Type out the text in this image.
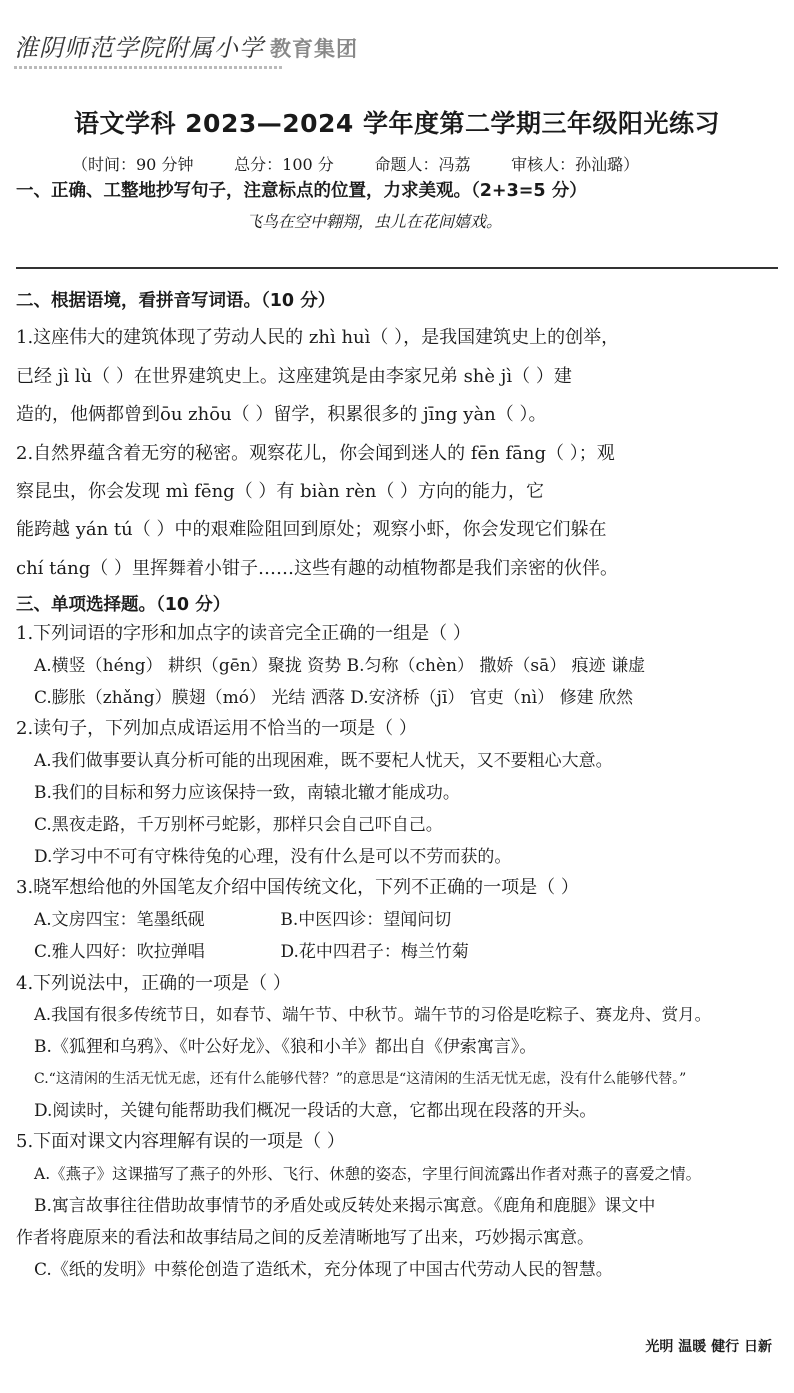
淮阴师范学院附属小学 教育集团
语文学科 2023—2024 学年度第二学期三年级阳光练习
（时间：90 分钟        总分：100 分        命题人：冯荔        审核人：孙汕璐）
一、正确、工整地抄写句子，注意标点的位置，力求美观。（2+3=5 分）
飞鸟在空中翱翔，虫儿在花间嬉戏。
二、根据语境，看拼音写词语。（10 分）
1.这座伟大的建筑体现了劳动人民的 zhì huì（ ），是我国建筑史上的创举，
已经 jì lù（ ）在世界建筑史上。这座建筑是由李家兄弟 shè jì（ ）建
造的，他俩都曾到ōu zhōu（ ）留学，积累很多的 jīng yàn（ ）。
2.自然界蕴含着无穷的秘密。观察花儿，你会闻到迷人的 fēn fāng（ ）；观
察昆虫，你会发现 mì fēng（ ）有 biàn rèn（ ）方向的能力，它
能跨越 yán tú（ ）中的艰难险阻回到原处；观察小虾，你会发现它们躲在
chí táng（ ）里挥舞着小钳子……这些有趣的动植物都是我们亲密的伙伴。
三、单项选择题。（10 分）
1.下列词语的字形和加点字的读音完全正确的一组是（ ）
A.横竖（héng） 耕织（gēn）聚拢 资势 B.匀称（chèn） 撒娇（sā） 痕迹 谦虚
C.膨胀（zhǎng）膜翅（mó） 光结 洒落 D.安济桥（jī） 官吏（nì） 修建 欣然
2.读句子，下列加点成语运用不恰当的一项是（ ）
A.我们做事要认真分析可能的出现困难，既不要杞人忧天，又不要粗心大意。
B.我们的目标和努力应该保持一致，南辕北辙才能成功。
C.黑夜走路，千万别杯弓蛇影，那样只会自己吓自己。
D.学习中不可有守株待兔的心理，没有什么是可以不劳而获的。
3.晓军想给他的外国笔友介绍中国传统文化，下列不正确的一项是（ ）
A.文房四宝：笔墨纸砚              B.中医四诊：望闻问切
C.雅人四好：吹拉弹唱              D.花中四君子：梅兰竹菊
4.下列说法中，正确的一项是（ ）
A.我国有很多传统节日，如春节、端午节、中秋节。端午节的习俗是吃粽子、赛龙舟、赏月。
B.《狐狸和乌鸦》、《叶公好龙》、《狼和小羊》都出自《伊索寓言》。
C.“这清闲的生活无忧无虑，还有什么能够代替？”的意思是“这清闲的生活无忧无虑，没有什么能够代替。”
D.阅读时，关键句能帮助我们概况一段话的大意，它都出现在段落的开头。
5.下面对课文内容理解有误的一项是（ ）
A.《燕子》这课描写了燕子的外形、飞行、休憩的姿态，字里行间流露出作者对燕子的喜爱之情。
B.寓言故事往往借助故事情节的矛盾处或反转处来揭示寓意。《鹿角和鹿腿》课文中
作者将鹿原来的看法和故事结局之间的反差清晰地写了出来，巧妙揭示寓意。
C.《纸的发明》中蔡伦创造了造纸术，充分体现了中国古代劳动人民的智慧。
光明 温暖 健行 日新
